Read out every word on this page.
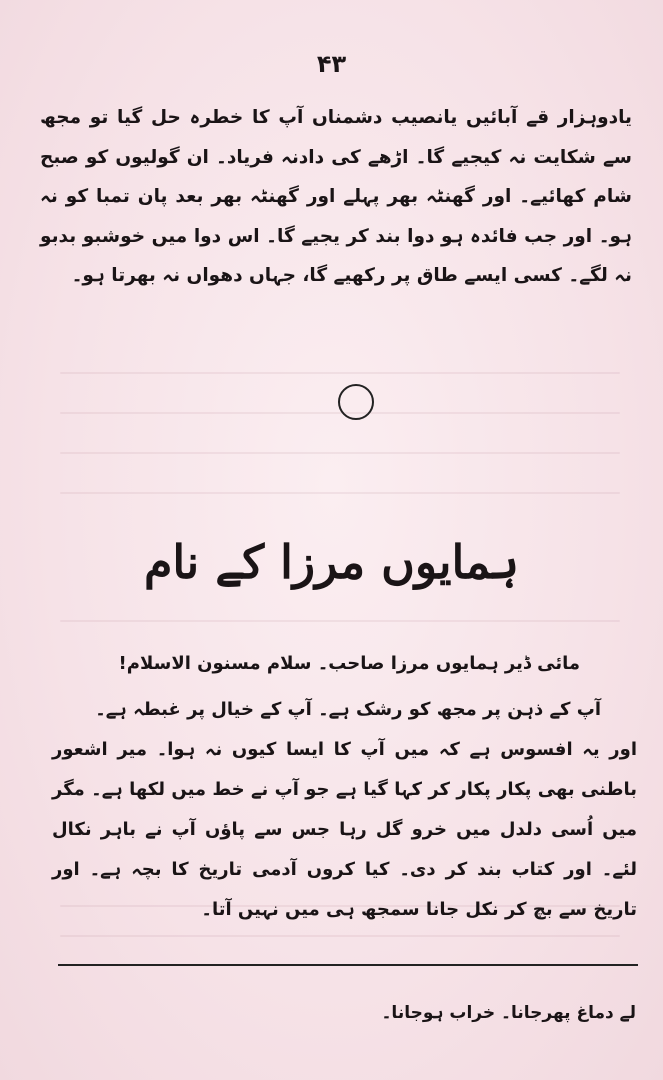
۴۳
یادوہزار قے آبائیں یانصیب دشمناں آپ کا خطرہ حل گیا تو مجھ سے شکایت نہ کیجیے گا۔ اڑھے کی دادنہ فریاد۔ ان گولیوں کو صبح شام کھائیے۔ اور گھنٹہ بھر پہلے اور گھنٹہ بھر بعد پان تمبا کو نہ ہو۔ اور جب فائدہ ہو دوا بند کر یجیے گا۔ اس دوا میں خوشبو بدبو نہ لگے۔ کسی ایسے طاق پر رکھیے گا، جہاں دھواں نہ بھرتا ہو۔
ہمایوں مرزا کے نام
مائی ڈیر ہمایوں مرزا صاحب۔ سلام مسنون الاسلام!
آپ کے ذہن پر مجھ کو رشک ہے۔ آپ کے خیال پر غبطہ ہے۔
اور یہ افسوس ہے کہ میں آپ کا ایسا کیوں نہ ہوا۔ میر اشعور باطنی بھی پکار پکار کر کہا گیا ہے جو آپ نے خط میں لکھا ہے۔ مگر میں اُسی دلدل میں خرو گل رہا جس سے پاؤں آپ نے باہر نکال لئے۔ اور کتاب بند کر دی۔ کیا کروں آدمی تاریخ کا بچہ ہے۔ اور تاریخ سے بچ کر نکل جانا سمجھ ہی میں نہیں آتا۔
لے دماغ پھرجانا۔ خراب ہوجانا۔
